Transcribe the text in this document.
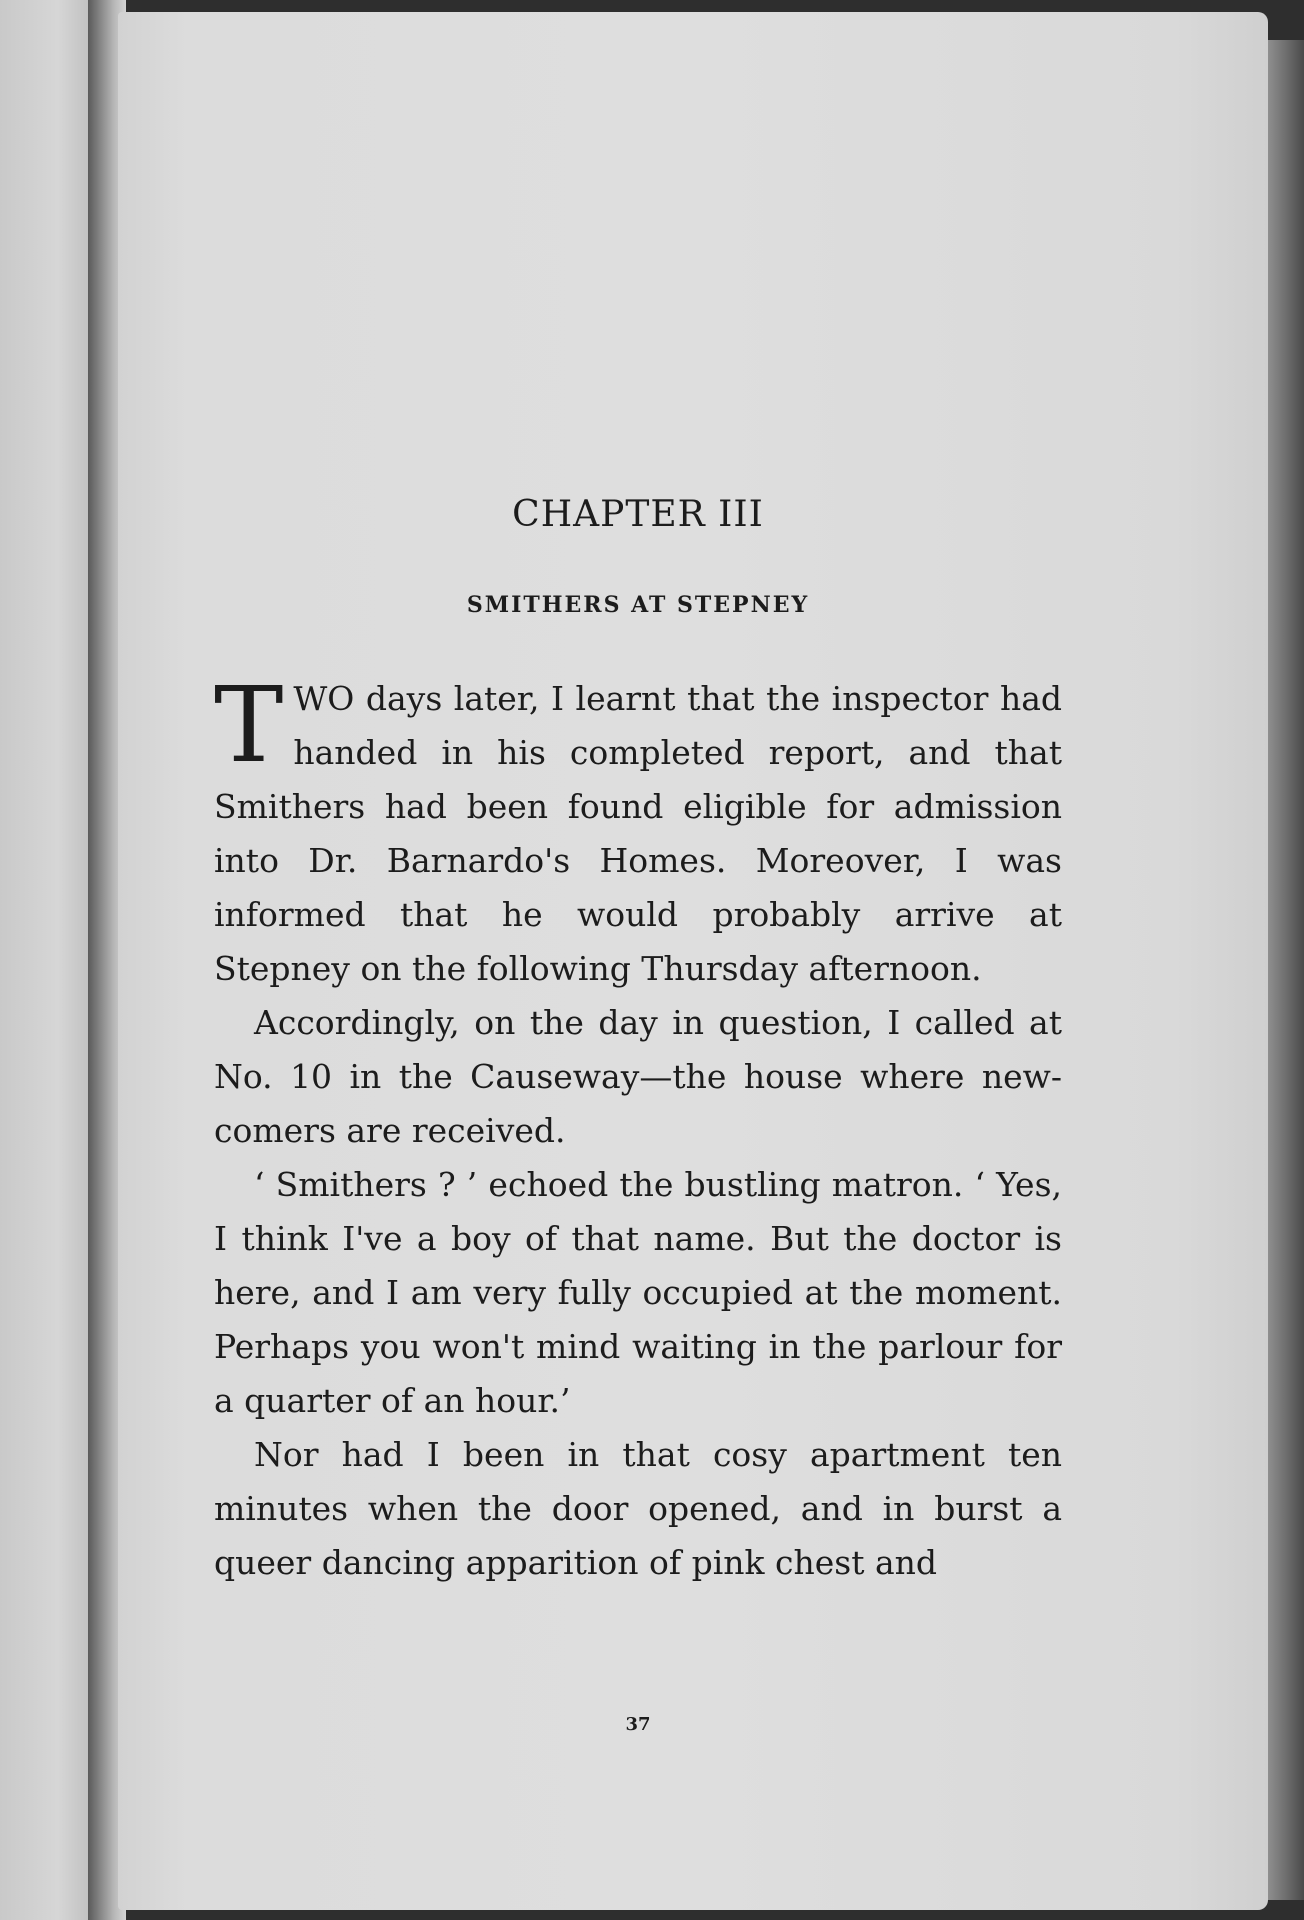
CHAPTER III
SMITHERS AT STEPNEY

TWO days later, I learnt that the inspector had handed in his completed report, and that Smithers had been found eligible for admission into Dr. Barnardo's Homes. Moreover, I was informed that he would probably arrive at Stepney on the following Thursday afternoon.

Accordingly, on the day in question, I called at No. 10 in the Causeway—the house where new-comers are received.

‘ Smithers ? ’ echoed the bustling matron. ‘ Yes, I think I've a boy of that name. But the doctor is here, and I am very fully occupied at the moment. Perhaps you won't mind waiting in the parlour for a quarter of an hour.’

Nor had I been in that cosy apartment ten minutes when the door opened, and in burst a queer dancing apparition of pink chest and

37
